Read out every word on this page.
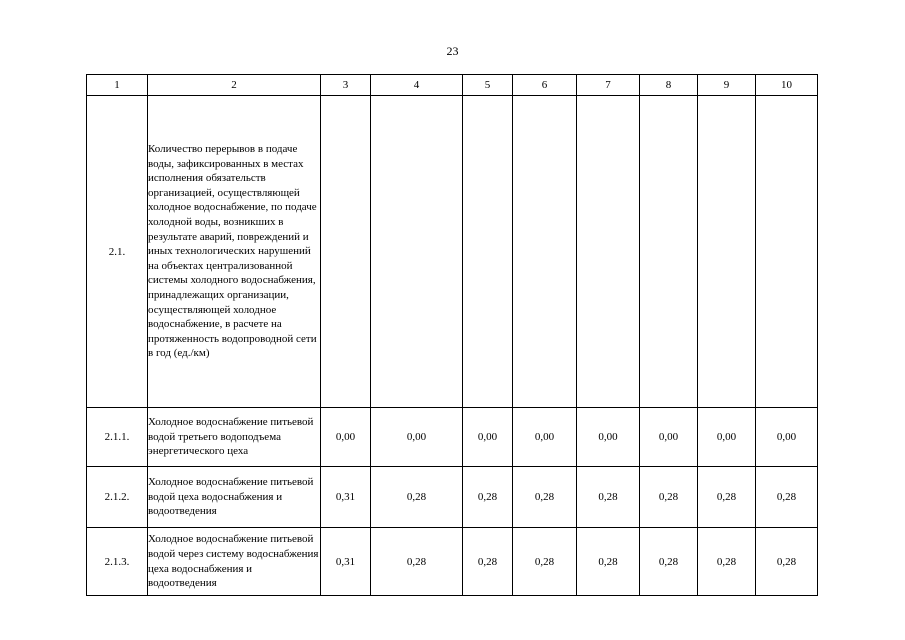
23
1	2	3	4	5	6	7	8	9	10
2.1.	Количество перерывов в подаче воды, зафиксированных в местах исполнения обязательств организацией, осуществляющей холодное водоснабжение, по подаче холодной воды, возникших в результате аварий, повреждений и иных технологических нарушений на объектах централизованной системы холодного водоснабжения, принадлежащих организации, осуществляющей холодное водоснабжение, в расчете на протяженность водопроводной сети в год (ед./км)								
2.1.1.	Холодное водоснабжение питьевой водой третьего водоподъема энергетического цеха	0,00	0,00	0,00	0,00	0,00	0,00	0,00	0,00
2.1.2.	Холодное водоснабжение питьевой водой цеха водоснабжения и водоотведения	0,31	0,28	0,28	0,28	0,28	0,28	0,28	0,28
2.1.3.	Холодное водоснабжение питьевой водой через систему водоснабжения цеха водоснабжения и водоотведения	0,31	0,28	0,28	0,28	0,28	0,28	0,28	0,28
